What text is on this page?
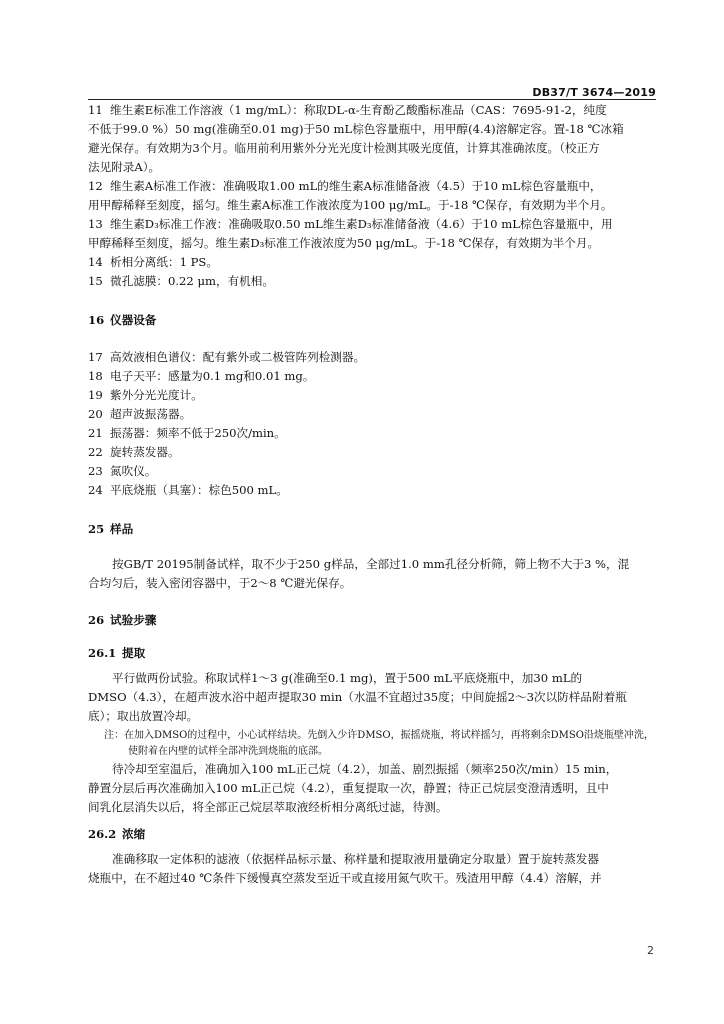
DB37/T 3674—2019
11 维生素E标准工作溶液（1 mg/mL）：称取DL-α-生育酚乙酸酯标准品（CAS：7695-91-2，纯度
不低于99.0 %）50 mg(准确至0.01 mg)于50 mL棕色容量瓶中，用甲醇(4.4)溶解定容。置-18 ℃冰箱
避光保存。有效期为3个月。临用前利用紫外分光光度计检测其吸光度值，计算其准确浓度。（校正方
法见附录A）。
12 维生素A标准工作液：准确吸取1.00 mL的维生素A标准储备液（4.5）于10 mL棕色容量瓶中，
用甲醇稀释至刻度，摇匀。维生素A标准工作液浓度为100 μg/mL。于-18 ℃保存，有效期为半个月。
13 维生素D₃标准工作液：准确吸取0.50 mL维生素D₃标准储备液（4.6）于10 mL棕色容量瓶中，用
甲醇稀释至刻度，摇匀。维生素D₃标准工作液浓度为50 μg/mL。于-18 ℃保存，有效期为半个月。
14 析相分离纸：1 PS。
15 微孔滤膜：0.22 μm，有机相。
16 仪器设备
17 高效液相色谱仪：配有紫外或二极管阵列检测器。
18 电子天平：感量为0.1 mg和0.01 mg。
19 紫外分光光度计。
20 超声波振荡器。
21 振荡器：频率不低于250次/min。
22 旋转蒸发器。
23 氮吹仪。
24 平底烧瓶（具塞）：棕色500 mL。
25 样品
按GB/T 20195制备试样，取不少于250 g样品，全部过1.0 mm孔径分析筛，筛上物不大于3 %，混
合均匀后，装入密闭容器中，于2～8 ℃避光保存。
26 试验步骤
26.1 提取
平行做两份试验。称取试样1～3 g(准确至0.1 mg)，置于500 mL平底烧瓶中，加30 mL的
DMSO（4.3），在超声波水浴中超声提取30 min（水温不宜超过35度；中间旋摇2～3次以防样品附着瓶
底）；取出放置冷却。
注：在加入DMSO的过程中，小心试样结块。先倒入少许DMSO，振摇烧瓶，将试样摇匀，再将剩余DMSO沿烧瓶壁冲洗，
使附着在内壁的试样全部冲洗到烧瓶的底部。
待冷却至室温后，准确加入100 mL正己烷（4.2），加盖、剧烈振摇（频率250次/min）15 min，
静置分层后再次准确加入100 mL正己烷（4.2），重复提取一次，静置；待正己烷层变澄清透明，且中
间乳化层消失以后，将全部正己烷层萃取液经析相分离纸过滤，待测。
26.2 浓缩
准确移取一定体积的滤液（依据样品标示量、称样量和提取液用量确定分取量）置于旋转蒸发器
烧瓶中，在不超过40 ℃条件下缓慢真空蒸发至近干或直接用氮气吹干。残渣用甲醇（4.4）溶解，并
2
